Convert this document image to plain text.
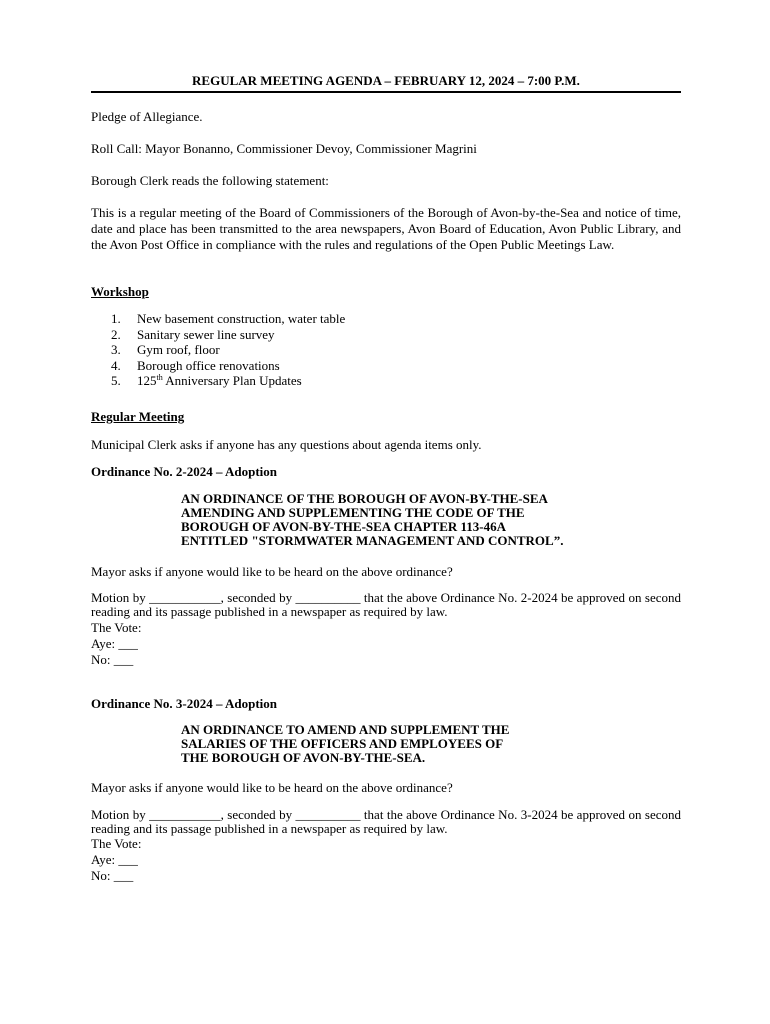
REGULAR MEETING AGENDA – FEBRUARY 12, 2024 – 7:00 P.M.

Pledge of Allegiance.

Roll Call: Mayor Bonanno, Commissioner Devoy, Commissioner Magrini

Borough Clerk reads the following statement:

This is a regular meeting of the Board of Commissioners of the Borough of Avon-by-the-Sea and notice of time, date and place has been transmitted to the area newspapers, Avon Board of Education, Avon Public Library, and the Avon Post Office in compliance with the rules and regulations of the Open Public Meetings Law.

Workshop

1. New basement construction, water table
2. Sanitary sewer line survey
3. Gym roof, floor
4. Borough office renovations
5. 125th Anniversary Plan Updates

Regular Meeting

Municipal Clerk asks if anyone has any questions about agenda items only.

Ordinance No. 2-2024 – Adoption

AN ORDINANCE OF THE BOROUGH OF AVON-BY-THE-SEA
AMENDING AND SUPPLEMENTING THE CODE OF THE
BOROUGH OF AVON-BY-THE-SEA CHAPTER 113-46A
ENTITLED "STORMWATER MANAGEMENT AND CONTROL”.

Mayor asks if anyone would like to be heard on the above ordinance?

Motion by ___________, seconded by __________ that the above Ordinance No. 2-2024 be approved on second reading and its passage published in a newspaper as required by law.

The Vote:

Aye: ___

No: ___

Ordinance No. 3-2024 – Adoption

AN ORDINANCE TO AMEND AND SUPPLEMENT THE
SALARIES OF THE OFFICERS AND EMPLOYEES OF
THE BOROUGH OF AVON-BY-THE-SEA.

Mayor asks if anyone would like to be heard on the above ordinance?

Motion by ___________, seconded by __________ that the above Ordinance No. 3-2024 be approved on second reading and its passage published in a newspaper as required by law.

The Vote:

Aye: ___

No: ___
